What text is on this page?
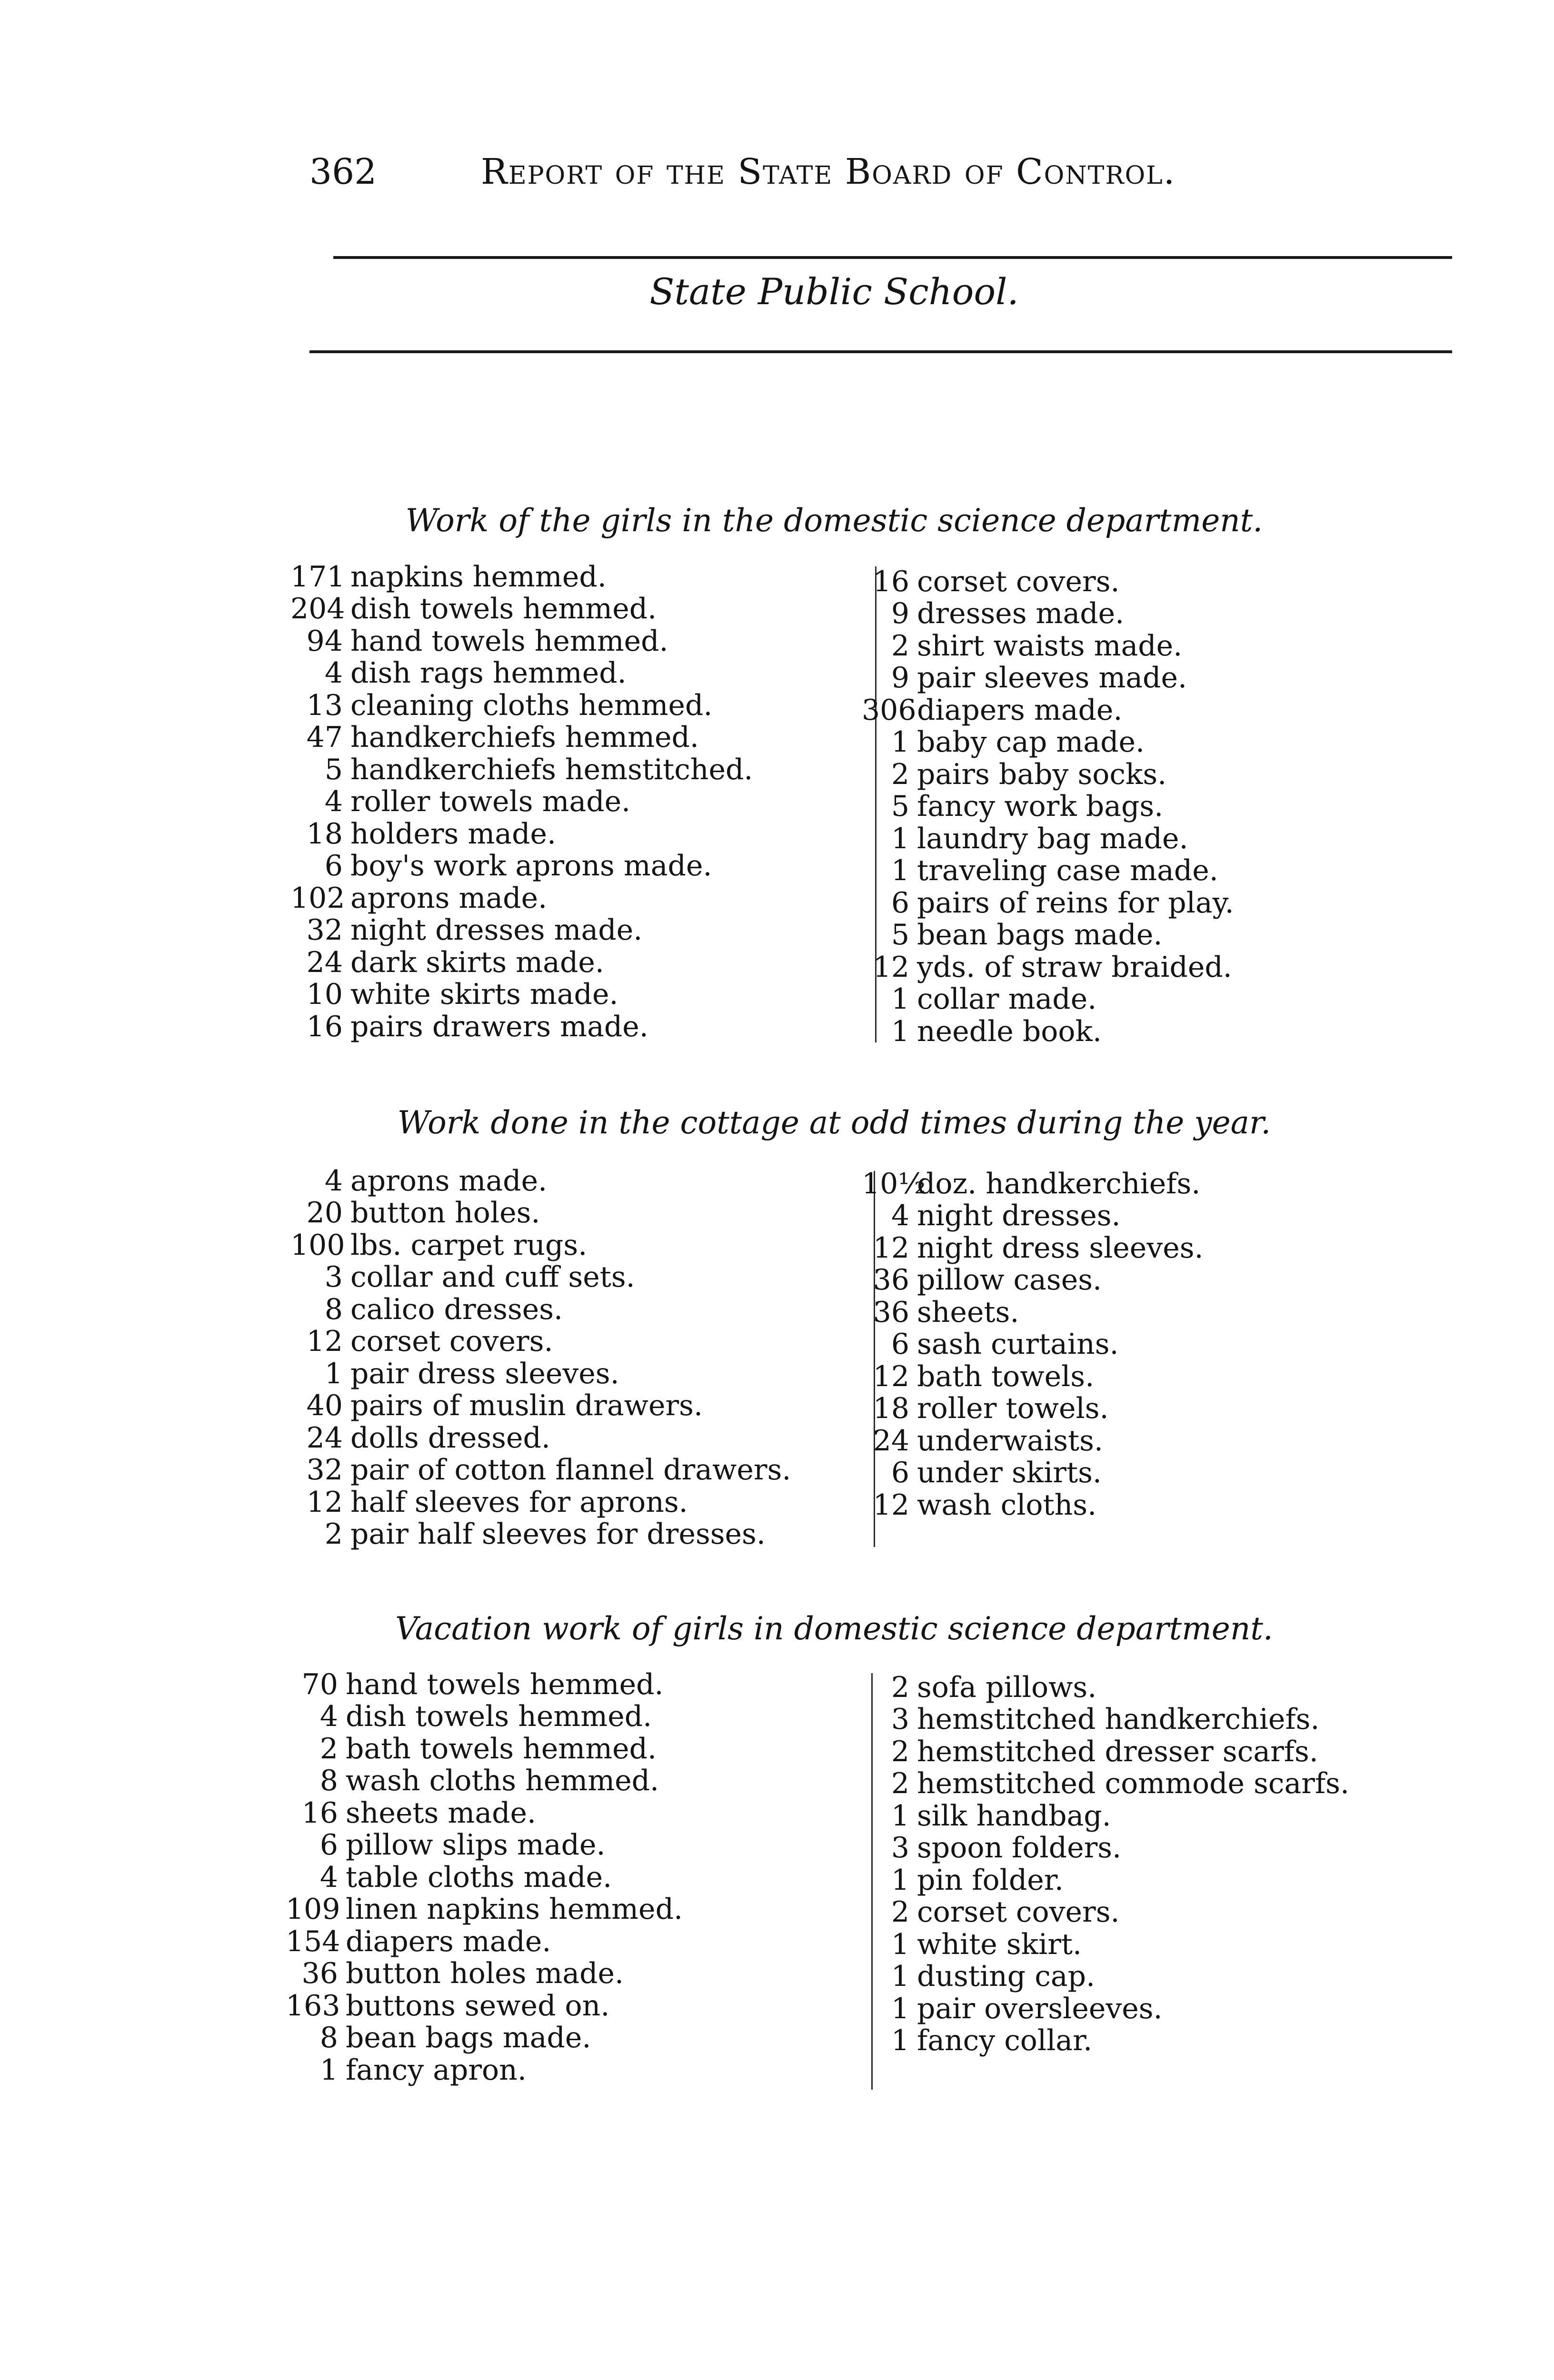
362	Report of the State Board of Control.
State Public School.
Work of the girls in the domestic science department.
171 napkins hemmed.
204 dish towels hemmed.
94 hand towels hemmed.
4 dish rags hemmed.
13 cleaning cloths hemmed.
47 handkerchiefs hemmed.
5 handkerchiefs hemstitched.
4 roller towels made.
18 holders made.
6 boy's work aprons made.
102 aprons made.
32 night dresses made.
24 dark skirts made.
10 white skirts made.
16 pairs drawers made.
16 corset covers.
9 dresses made.
2 shirt waists made.
9 pair sleeves made.
306 diapers made.
1 baby cap made.
2 pairs baby socks.
5 fancy work bags.
1 laundry bag made.
1 traveling case made.
6 pairs of reins for play.
5 bean bags made.
12 yds. of straw braided.
1 collar made.
1 needle book.
Work done in the cottage at odd times during the year.
4 aprons made.
20 button holes.
100 lbs. carpet rugs.
3 collar and cuff sets.
8 calico dresses.
12 corset covers.
1 pair dress sleeves.
40 pairs of muslin drawers.
24 dolls dressed.
32 pair of cotton flannel drawers.
12 half sleeves for aprons.
2 pair half sleeves for dresses.
10½
doz. handkerchiefs.
4 night dresses.
12 night dress sleeves.
36 pillow cases.
36 sheets.
6 sash curtains.
12 bath towels.
18 roller towels.
24 underwaists.
6 under skirts.
12 wash cloths.
Vacation work of girls in domestic science department.
70 hand towels hemmed.
4 dish towels hemmed.
2 bath towels hemmed.
8 wash cloths hemmed.
16 sheets made.
6 pillow slips made.
4 table cloths made.
109 linen napkins hemmed.
154 diapers made.
36 button holes made.
163 buttons sewed on.
8 bean bags made.
1 fancy apron.
2 sofa pillows.
3 hemstitched handkerchiefs.
2 hemstitched dresser scarfs.
2 hemstitched commode scarfs.
1 silk handbag.
3 spoon folders.
1 pin folder.
2 corset covers.
1 white skirt.
1 dusting cap.
1 pair oversleeves.
1 fancy collar.
